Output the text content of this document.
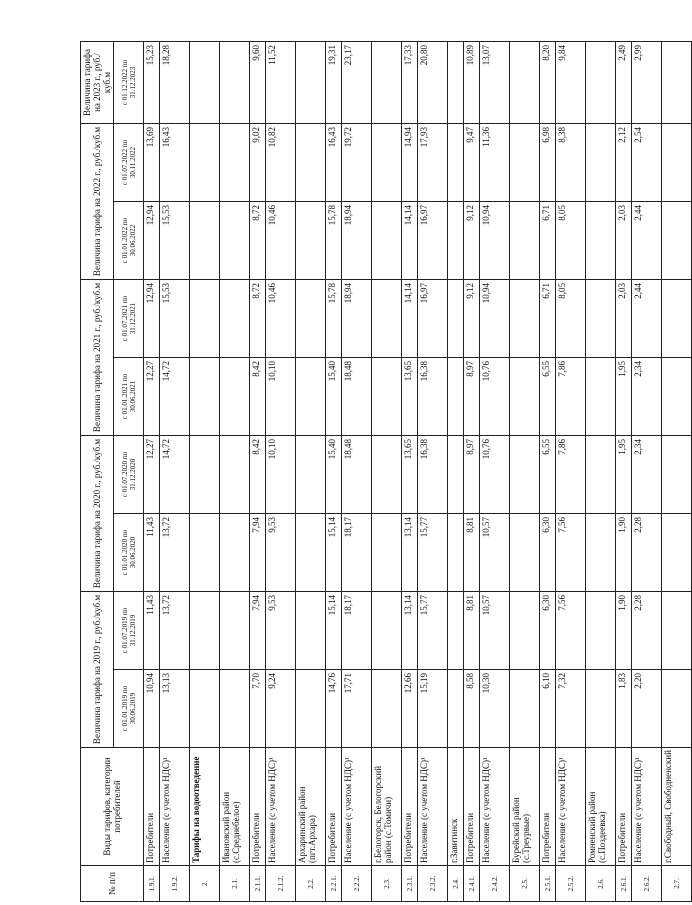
№ п/п	Виды тарифов, категории потребителей	Величина тарифа на 2019 г., руб./куб.м		Величина тарифа на 2020 г., руб./куб.м		Величина тарифа на 2021 г., руб./куб.м		Величина тарифа на 2022 г., руб./куб.м		Величина тарифа на 2023 г., руб./куб.м
		с 01.01.2019 по 30.06.2019	с 01.07.2019 по 31.12.2019	с 01.01.2020 по 30.06.2020	с 01.07.2020 по 31.12.2020	с 01.01.2021 по 30.06.2021	с 01.07.2021 по 31.12.2021	с 01.01.2022 по 30.06.2022	с 01.07.2022 по 30.11.2022	с 01.12.2022 по 31.12.2023
1.9.1.	Потребители	10,94	11,43	11,43	12,27	12,27	12,94	12,94	13,69	15,23
1.9.2.	Население (с учетом НДС)¹	13,13	13,72	13,72	14,72	14,72	15,53	15,53	16,43	18,28
2.	Тарифы на водоотведение									
2.1.	Ивановский район (с.Среднебелое)									
2.1.1.	Потребители	7,70	7,94	7,94	8,42	8,42	8,72	8,72	9,02	9,60
2.1.2.	Население (с учетом НДС)¹	9,24	9,53	9,53	10,10	10,10	10,46	10,46	10,82	11,52
2.2.	Архаринский район (пгт.Архара)									
2.2.1.	Потребители	14,76	15,14	15,14	15,40	15,40	15,78	15,78	16,43	19,31
2.2.2.	Население (с учетом НДС)¹	17,71	18,17	18,17	18,48	18,48	18,94	18,94	19,72	23,17
2.3.	г.Белогорск, Белогорский район (с.Томичи)									
2.3.1.	Потребители	12,66	13,14	13,14	13,65	13,65	14,14	14,14	14,94	17,33
2.3.2.	Население (с учетом НДС)¹	15,19	15,77	15,77	16,38	16,38	16,97	16,97	17,93	20,80
2.4.	г.Завитинск									
2.4.1.	Потребители	8,58	8,81	8,81	8,97	8,97	9,12	9,12	9,47	10,89
2.4.2.	Население (с учетом НДС)¹	10,30	10,57	10,57	10,76	10,76	10,94	10,94	11,36	13,07
2.5.	Бурейский район (с.Треурвые)									
2.5.1.	Потребители	6,10	6,30	6,30	6,55	6,55	6,71	6,71	6,98	8,20
2.5.2.	Население (с учетом НДС)¹	7,32	7,56	7,56	7,86	7,86	8,05	8,05	8,38	9,84
2.6.	Ромненский район (с.Поздеевка)									
2.6.1.	Потребители	1,83	1,90	1,90	1,95	1,95	2,03	2,03	2,12	2,49
2.6.2.	Население (с учетом НДС)¹	2,20	2,28	2,28	2,34	2,34	2,44	2,44	2,54	2,99
2.7.	г.Свободный, Свободненский									
